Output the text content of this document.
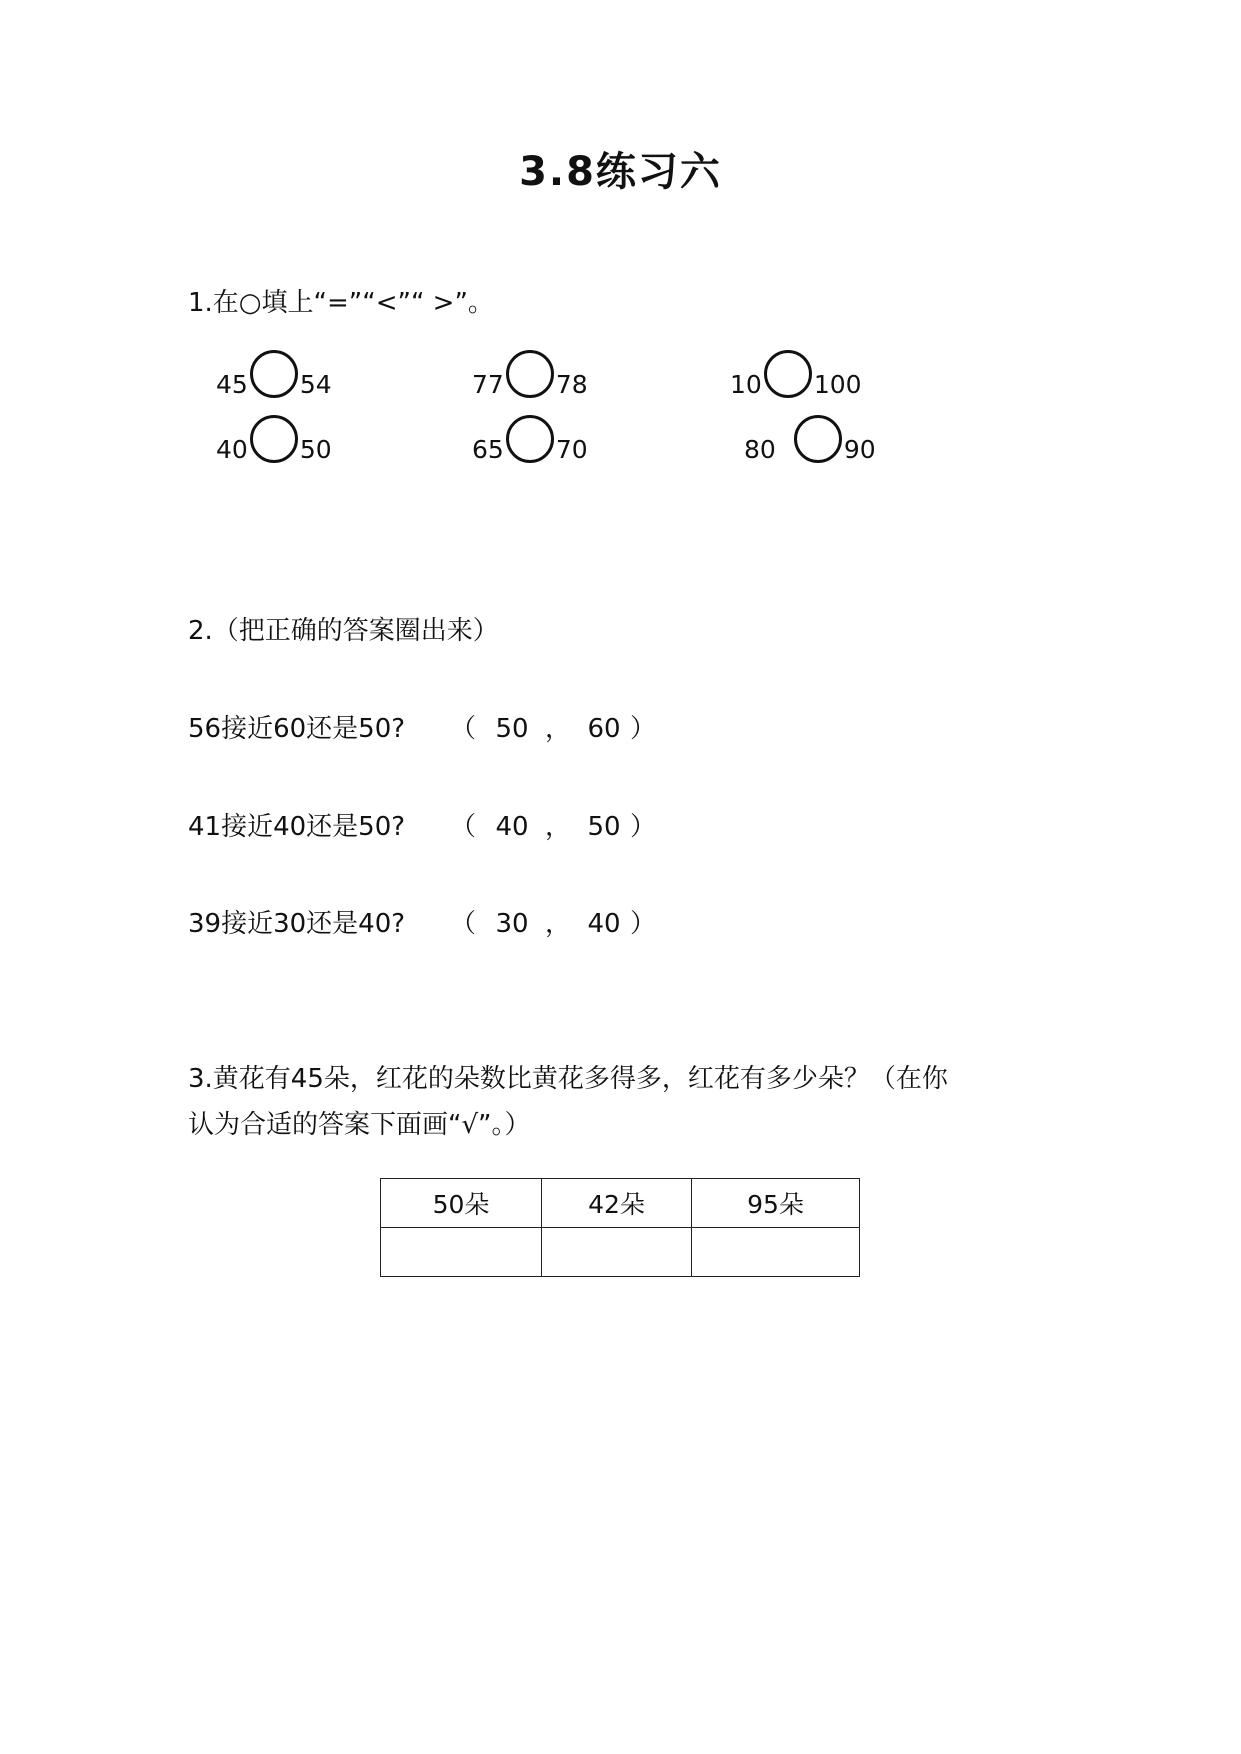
3.8练习六
1.在○填上“=”“<”“ >”。
45 54	77 78	10 100
40 50	65 70	80	90
2.（把正确的答案圈出来）
56接近60还是50? （ 50 ， 60 ）
41接近40还是50? （ 40 ， 50 ）
39接近30还是40? （ 30 ， 40 ）
3.黄花有45朵，红花的朵数比黄花多得多，红花有多少朵？（在你
认为合适的答案下面画“√”。）
50朵	42朵	95朵
